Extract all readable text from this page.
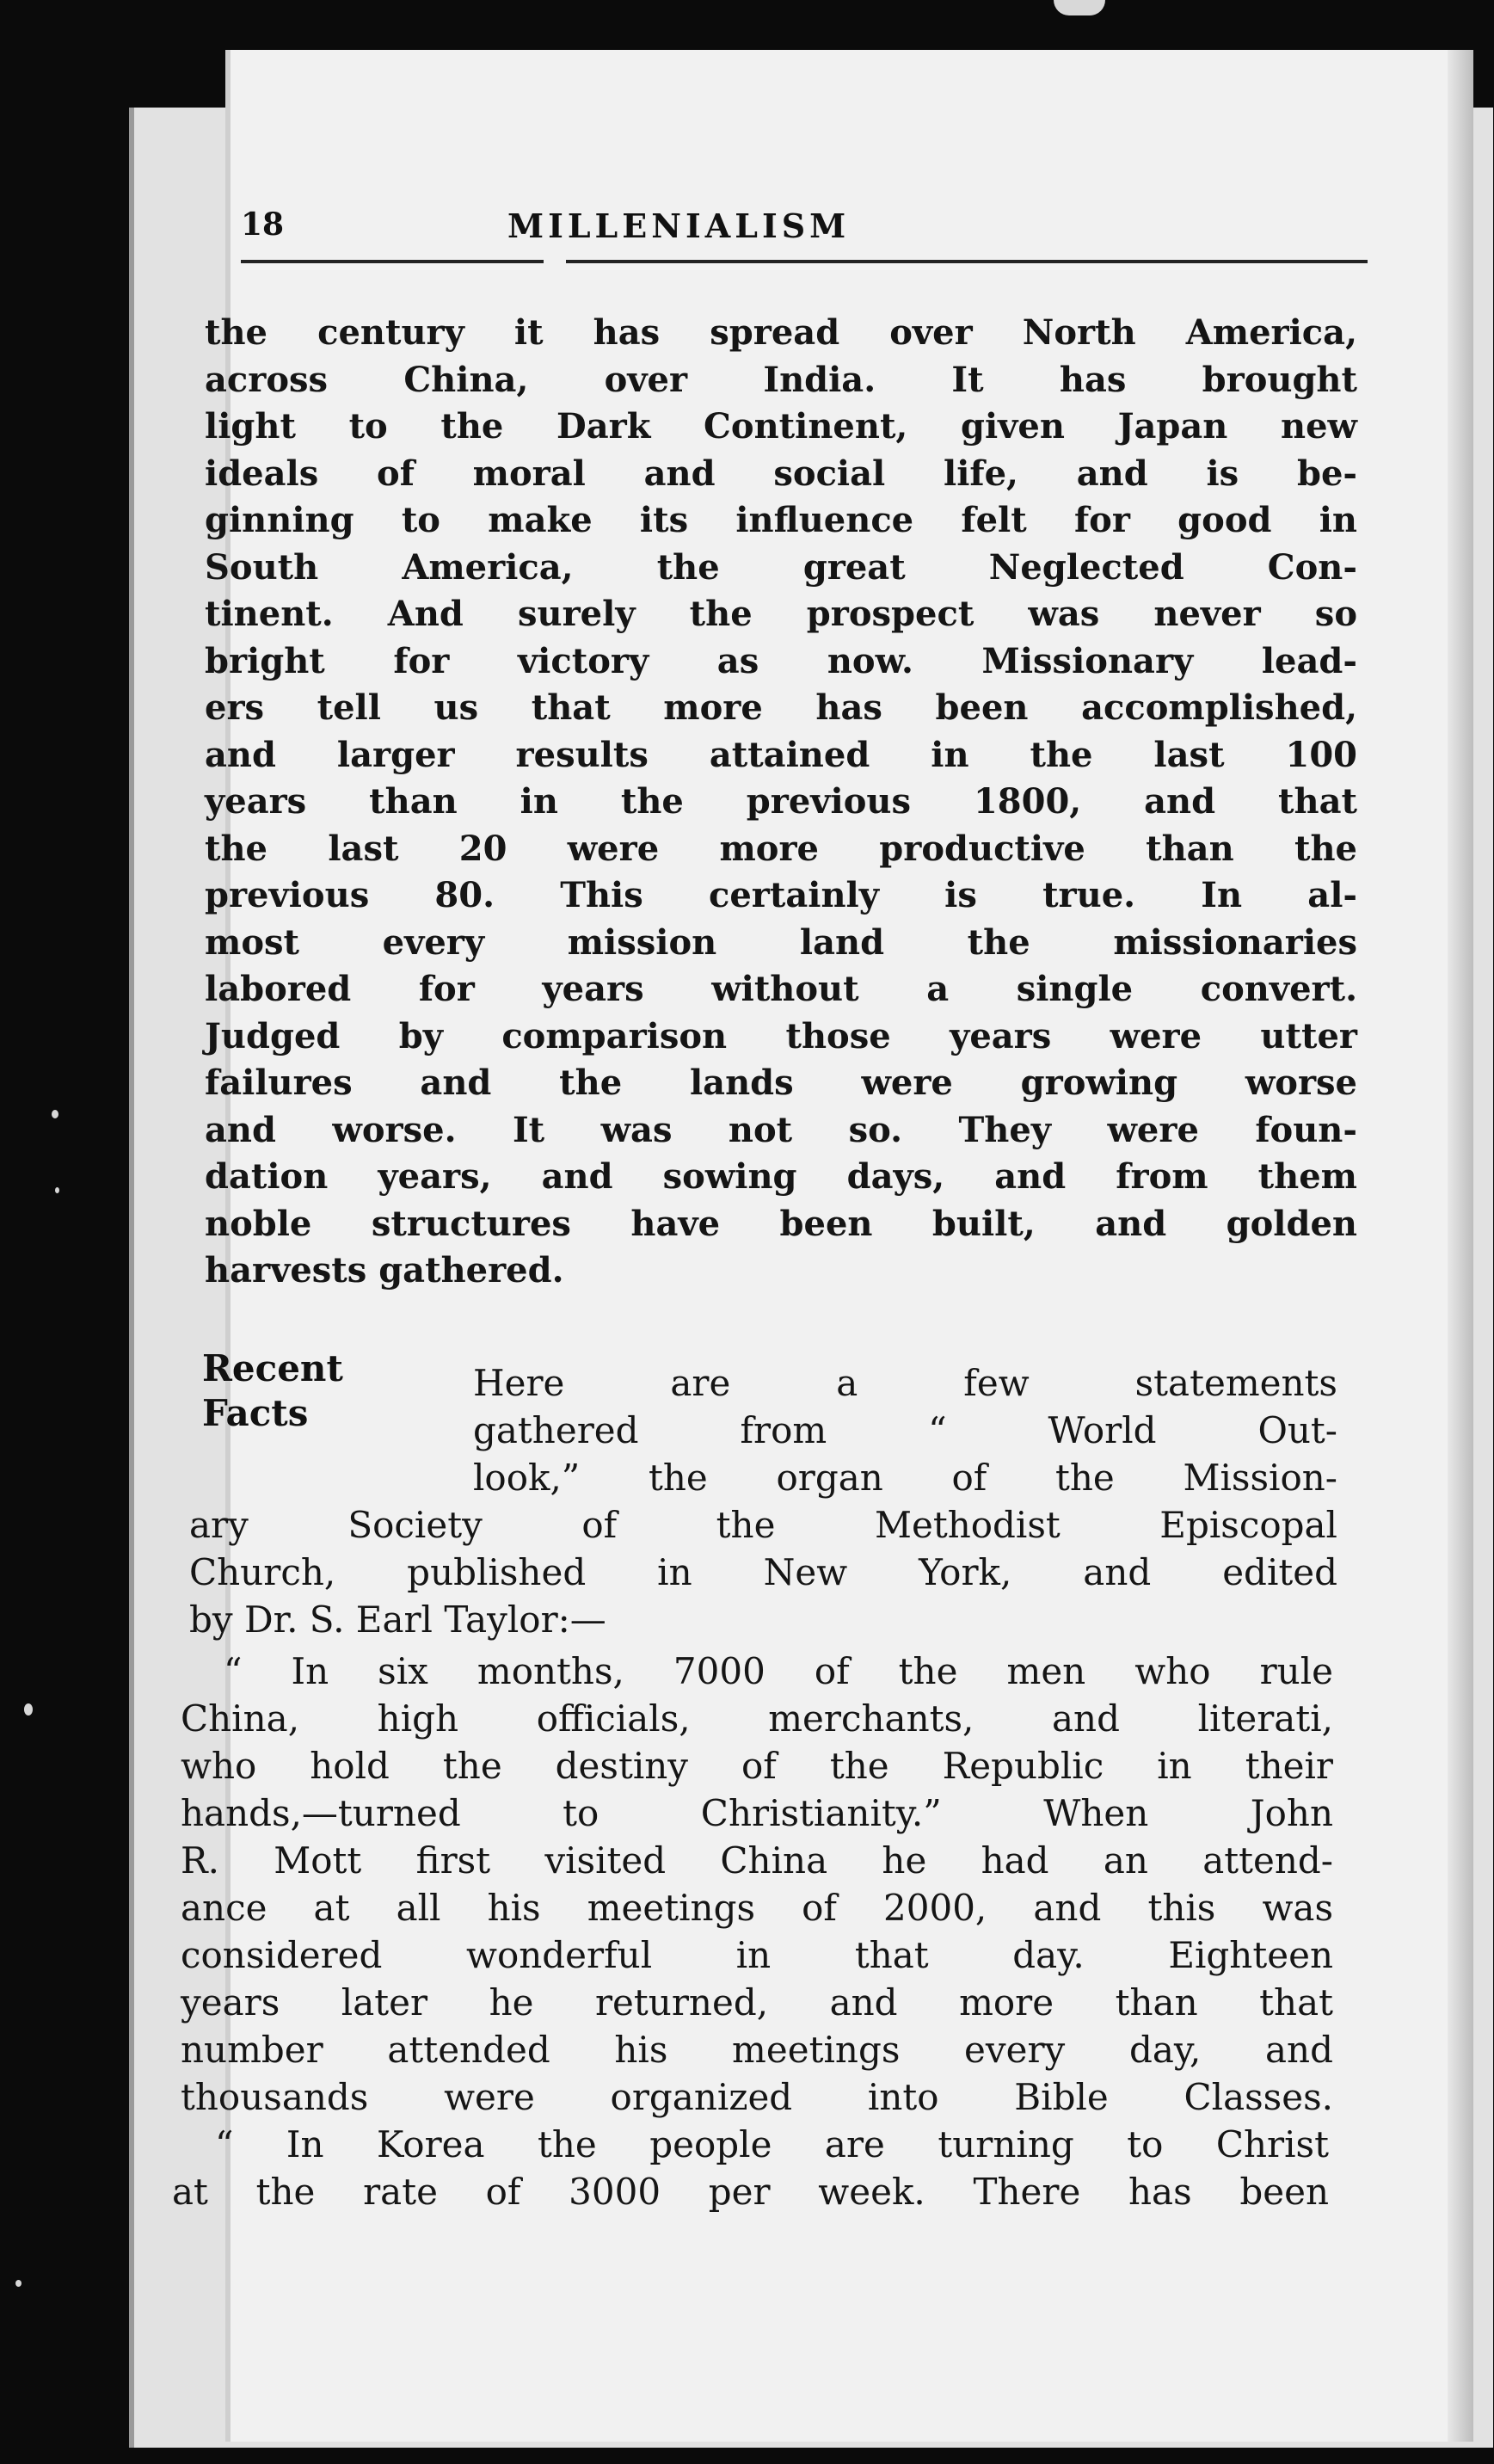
18	MILLENIALISM
the century it has spread over North America,
across China, over India. It has brought
light to the Dark Continent, given Japan new
ideals of moral and social life, and is be-
ginning to make its influence felt for good in
South America, the great Neglected Con-
tinent. And surely the prospect was never so
bright for victory as now. Missionary lead-
ers tell us that more has been accomplished,
and larger results attained in the last 100
years than in the previous 1800, and that
the last 20 were more productive than the
previous 80. This certainly is true. In al-
most every mission land the missionaries
labored for years without a single convert.
Judged by comparison those years were utter
failures and the lands were growing worse
and worse. It was not so. They were foun-
dation years, and sowing days, and from them
noble structures have been built, and golden
harvests gathered.
Recent
Facts
Here are a few statements
gathered from “ World Out-
look,” the organ of the Mission-
ary Society of the Methodist Episcopal
Church, published in New York, and edited
by Dr. S. Earl Taylor:—
“ In six months, 7000 of the men who rule
China, high officials, merchants, and literati,
who hold the destiny of the Republic in their
hands,—turned to Christianity.” When John
R. Mott first visited China he had an attend-
ance at all his meetings of 2000, and this was
considered wonderful in that day. Eighteen
years later he returned, and more than that
number attended his meetings every day, and
thousands were organized into Bible Classes.
“ In Korea the people are turning to Christ
at the rate of 3000 per week. There has been
